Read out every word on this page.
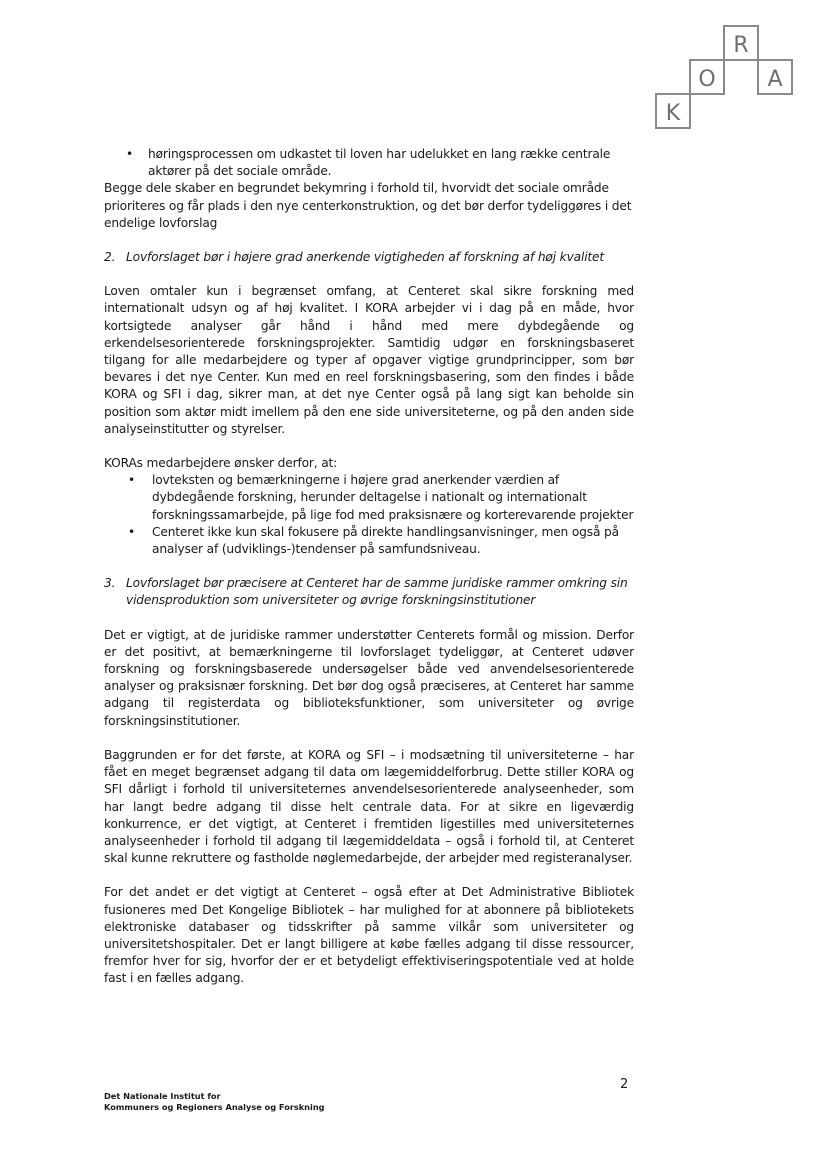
R
K
O A
• høringsprocessen om udkastet til loven har udelukket en lang række centrale aktører på det sociale område.

Begge dele skaber en begrundet bekymring i forhold til, hvorvidt det sociale område prioriteres og får plads i den nye centerkonstruktion, og det bør derfor tydeliggøres i det endelige lovforslag

2. Lovforslaget bør i højere grad anerkende vigtigheden af forskning af høj kvalitet

Loven omtaler kun i begrænset omfang, at Centeret skal sikre forskning med internationalt udsyn og af høj kvalitet. I KORA arbejder vi i dag på en måde, hvor kortsigtede analyser går hånd i hånd med mere dybdegående og erkendelsesorienterede forskningsprojekter. Samtidig udgør en forskningsbaseret tilgang for alle medarbejdere og typer af opgaver vigtige grundprincipper, som bør bevares i det nye Center. Kun med en reel forskningsbasering, som den findes i både KORA og SFI i dag, sikrer man, at det nye Center også på lang sigt kan beholde sin position som aktør midt imellem på den ene side universiteterne, og på den anden side analyseinstitutter og styrelser.

KORAs medarbejdere ønsker derfor, at:

• lovteksten og bemærkningerne i højere grad anerkender værdien af dybdegående forskning, herunder deltagelse i nationalt og internationalt forskningssamarbejde, på lige fod med praksisnære og korterevarende projekter
• Centeret ikke kun skal fokusere på direkte handlingsanvisninger, men også på analyser af (udviklings-)tendenser på samfundsniveau.

3. Lovforslaget bør præcisere at Centeret har de samme juridiske rammer omkring sin vidensproduktion som universiteter og øvrige forskningsinstitutioner

Det er vigtigt, at de juridiske rammer understøtter Centerets formål og mission. Derfor er det positivt, at bemærkningerne til lovforslaget tydeliggør, at Centeret udøver forskning og forskningsbaserede undersøgelser både ved anvendelsesorienterede analyser og praksisnær forskning. Det bør dog også præciseres, at Centeret har samme adgang til registerdata og biblioteksfunktioner, som universiteter og øvrige forskningsinstitutioner.

Baggrunden er for det første, at KORA og SFI – i modsætning til universiteterne – har fået en meget begrænset adgang til data om lægemiddelforbrug. Dette stiller KORA og SFI dårligt i forhold til universiteternes anvendelsesorienterede analyseenheder, som har langt bedre adgang til disse helt centrale data. For at sikre en ligeværdig konkurrence, er det vigtigt, at Centeret i fremtiden ligestilles med universiteternes analyseenheder i forhold til adgang til lægemiddeldata – også i forhold til, at Centeret skal kunne rekruttere og fastholde nøglemedarbejde, der arbejder med registeranalyser.

For det andet er det vigtigt at Centeret – også efter at Det Administrative Bibliotek fusioneres med Det Kongelige Bibliotek – har mulighed for at abonnere på bibliotekets elektroniske databaser og tidsskrifter på samme vilkår som universiteter og universitetshospitaler. Det er langt billigere at købe fælles adgang til disse ressourcer, fremfor hver for sig, hvorfor der er et betydeligt effektiviseringspotentiale ved at holde fast i en fælles adgang.

2
Det Nationale Institut for
Kommuners og Regioners Analyse og Forskning
